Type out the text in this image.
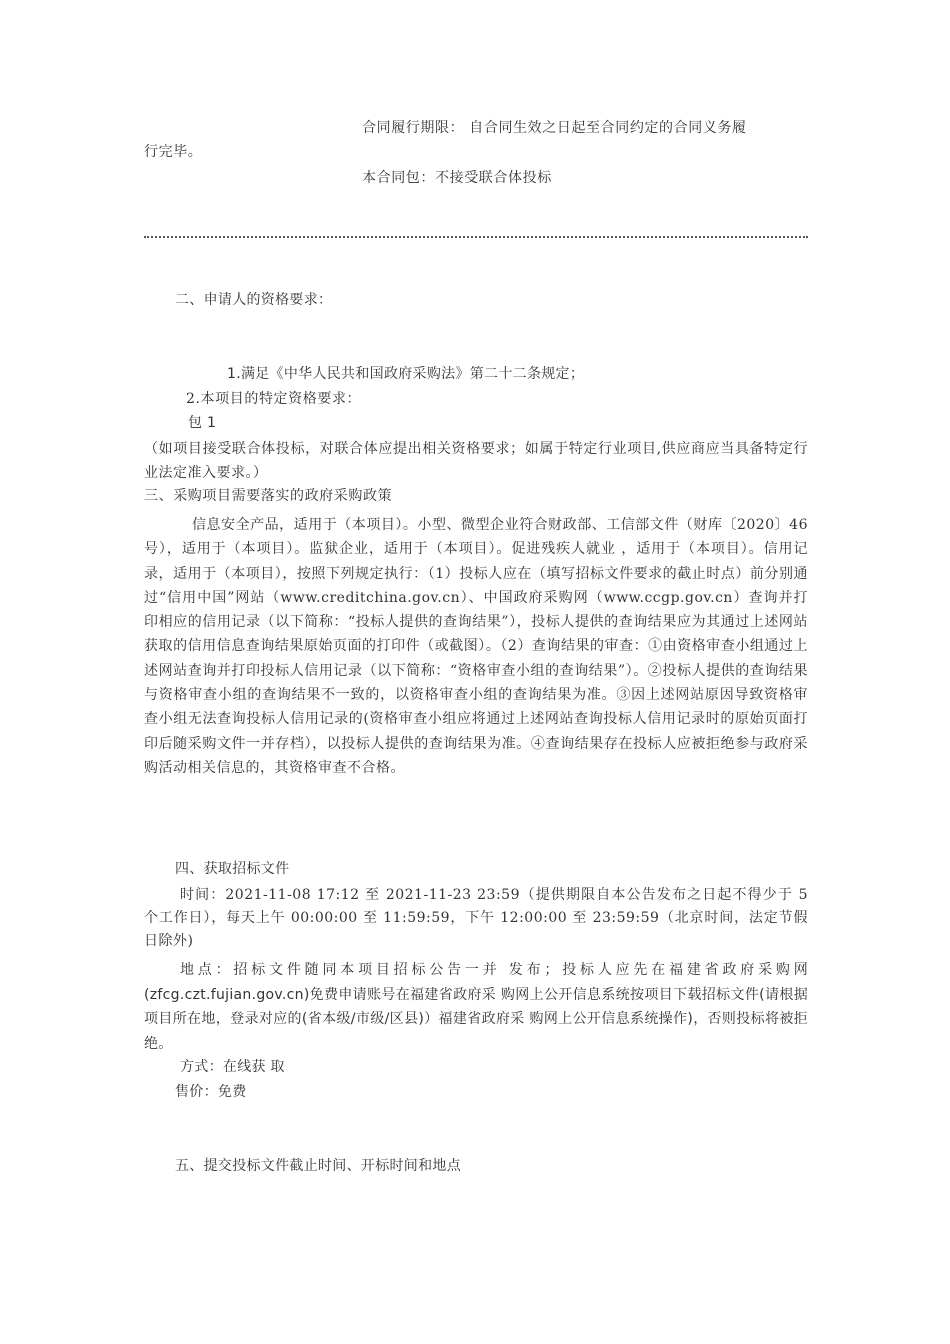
合同履行期限： 自合同生效之日起至合同约定的合同义务履
行完毕。
本合同包：不接受联合体投标
二、申请人的资格要求：
1.满足《中华人民共和国政府采购法》第二十二条规定；
2.本项目的特定资格要求：
包 1
（如项目接受联合体投标，对联合体应提出相关资格要求；如属于特定行业项目,供应商应当具备特定行业法定准入要求。）
三、采购项目需要落实的政府采购政策
信息安全产品，适用于（本项目）。小型、微型企业符合财政部、工信部文件（财库〔2020〕46 号），适用于（本项目）。监狱企业，适用于（本项目）。促进残疾人就业 ，适用于（本项目）。信用记录，适用于（本项目），按照下列规定执行：（1）投标人应在（填写招标文件要求的截止时点）前分别通过“信用中国”网站（www.creditchina.gov.cn）、中国政府采购网（www.ccgp.gov.cn）查询并打印相应的信用记录（以下简称：“投标人提供的查询结果”），投标人提供的查询结果应为其通过上述网站获取的信用信息查询结果原始页面的打印件（或截图）。（2）查询结果的审查：①由资格审查小组通过上述网站查询并打印投标人信用记录（以下简称：“资格审查小组的查询结果”）。②投标人提供的查询结果与资格审查小组的查询结果不一致的，以资格审查小组的查询结果为准。③因上述网站原因导致资格审查小组无法查询投标人信用记录的(资格审查小组应将通过上述网站查询投标人信用记录时的原始页面打印后随采购文件一并存档），以投标人提供的查询结果为准。④查询结果存在投标人应被拒绝参与政府采购活动相关信息的，其资格审查不合格。
四、获取招标文件
时间：2021-11-08 17:12 至 2021-11-23 23:59（提供期限自本公告发布之日起不得少于 5 个工作日），每天上午 00:00:00 至 11:59:59，下午 12:00:00 至 23:59:59（北京时间，法定节假日除外)
地点：招标文件随同本项目招标公告一并 发布；投标人应先在福建省政府采购网(zfcg.czt.fujian.gov.cn)免费申请账号在福建省政府采 购网上公开信息系统按项目下载招标文件(请根据项目所在地，登录对应的(省本级/市级/区县)）福建省政府采 购网上公开信息系统操作)，否则投标将被拒绝。
方式：在线获 取
售价：免费
五、提交投标文件截止时间、开标时间和地点
